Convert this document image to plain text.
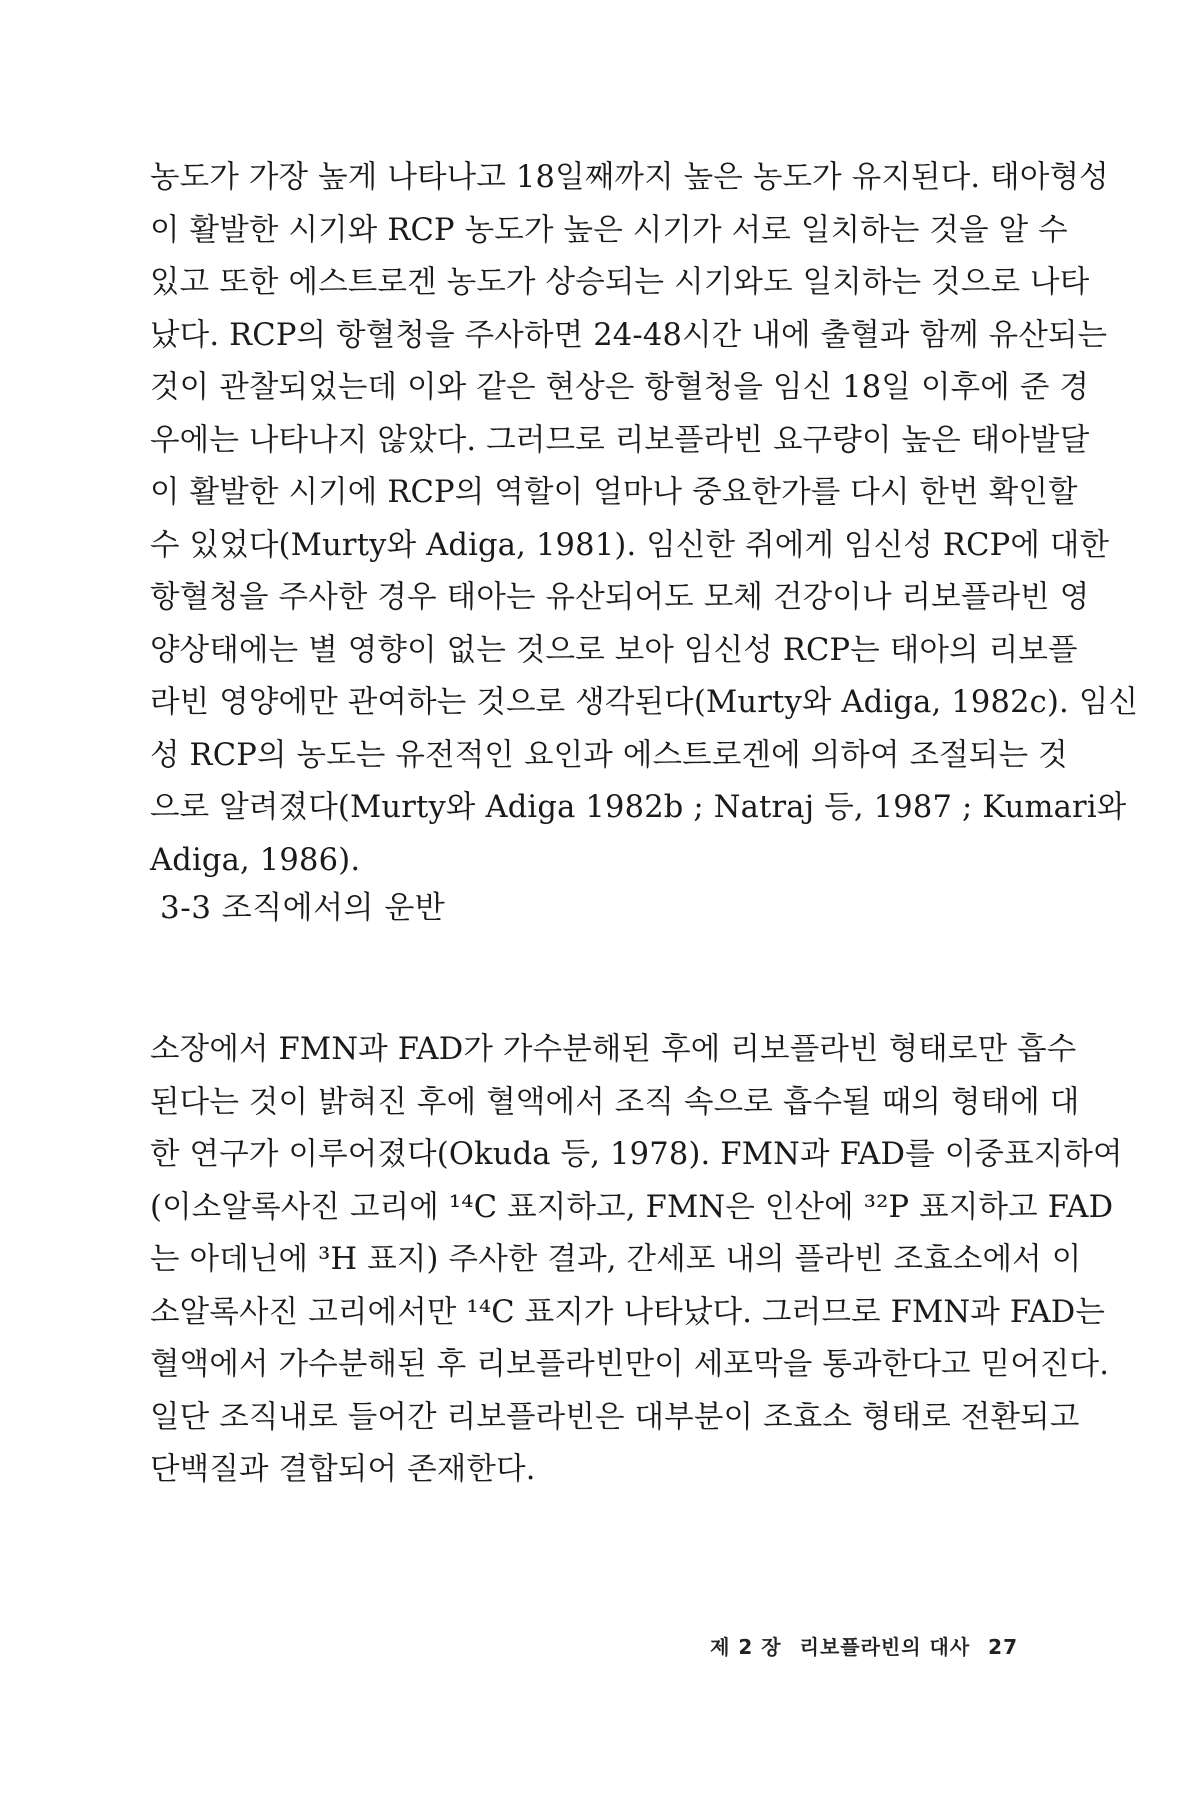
농도가 가장 높게 나타나고 18일째까지 높은 농도가 유지된다. 태아형성
이 활발한 시기와 RCP 농도가 높은 시기가 서로 일치하는 것을 알 수
있고 또한 에스트로겐 농도가 상승되는 시기와도 일치하는 것으로 나타
났다. RCP의 항혈청을 주사하면 24-48시간 내에 출혈과 함께 유산되는
것이 관찰되었는데 이와 같은 현상은 항혈청을 임신 18일 이후에 준 경
우에는 나타나지 않았다. 그러므로 리보플라빈 요구량이 높은 태아발달
이 활발한 시기에 RCP의 역할이 얼마나 중요한가를 다시 한번 확인할
수 있었다(Murty와 Adiga, 1981). 임신한 쥐에게 임신성 RCP에 대한
항혈청을 주사한 경우 태아는 유산되어도 모체 건강이나 리보플라빈 영
양상태에는 별 영향이 없는 것으로 보아 임신성 RCP는 태아의 리보플
라빈 영양에만 관여하는 것으로 생각된다(Murty와 Adiga, 1982c). 임신
성 RCP의 농도는 유전적인 요인과 에스트로겐에 의하여 조절되는 것
으로 알려졌다(Murty와 Adiga 1982b ; Natraj 등, 1987 ; Kumari와
Adiga, 1986).
3-3 조직에서의 운반
소장에서 FMN과 FAD가 가수분해된 후에 리보플라빈 형태로만 흡수
된다는 것이 밝혀진 후에 혈액에서 조직 속으로 흡수될 때의 형태에 대
한 연구가 이루어졌다(Okuda 등, 1978). FMN과 FAD를 이중표지하여
(이소알록사진 고리에 ¹⁴C 표지하고, FMN은 인산에 ³²P 표지하고 FAD
는 아데닌에 ³H 표지) 주사한 결과, 간세포 내의 플라빈 조효소에서 이
소알록사진 고리에서만 ¹⁴C 표지가 나타났다. 그러므로 FMN과 FAD는
혈액에서 가수분해된 후 리보플라빈만이 세포막을 통과한다고 믿어진다.
일단 조직내로 들어간 리보플라빈은 대부분이 조효소 형태로 전환되고
단백질과 결합되어 존재한다.
제 2 장 리보플라빈의 대사 27
